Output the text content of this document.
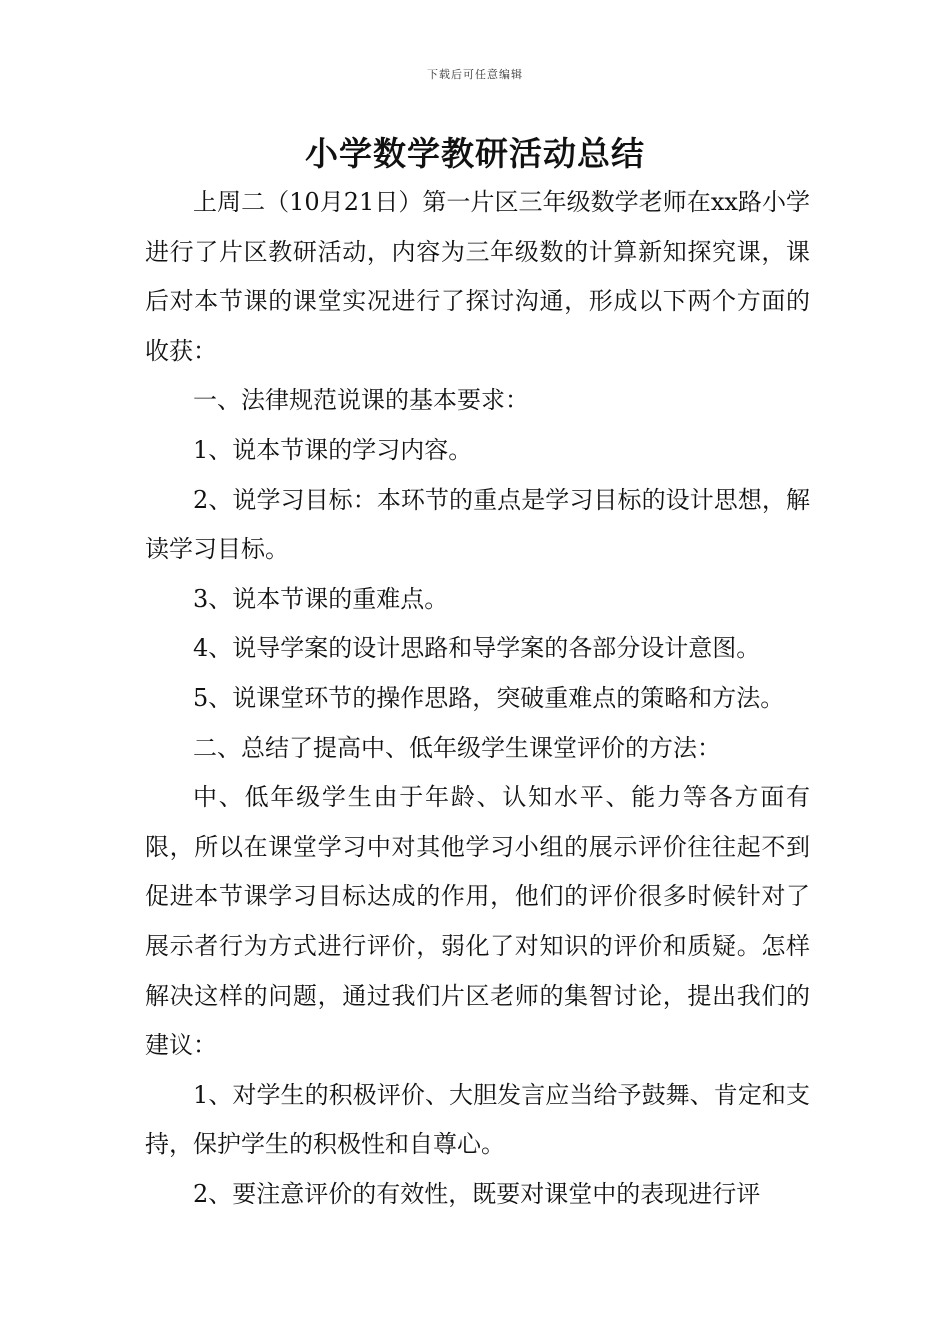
下载后可任意编辑
小学数学教研活动总结

上周二（10月21日）第一片区三年级数学老师在xx路小学进行了片区教研活动，内容为三年级数的计算新知探究课，课后对本节课的课堂实况进行了探讨沟通，形成以下两个方面的收获：

一、法律规范说课的基本要求：

1、说本节课的学习内容。

2、说学习目标：本环节的重点是学习目标的设计思想，解读学习目标。

3、说本节课的重难点。

4、说导学案的设计思路和导学案的各部分设计意图。

5、说课堂环节的操作思路，突破重难点的策略和方法。

二、总结了提高中、低年级学生课堂评价的方法：

中、低年级学生由于年龄、认知水平、能力等各方面有限，所以在课堂学习中对其他学习小组的展示评价往往起不到促进本节课学习目标达成的作用，他们的评价很多时候针对了展示者行为方式进行评价，弱化了对知识的评价和质疑。怎样解决这样的问题，通过我们片区老师的集智讨论，提出我们的建议：

1、对学生的积极评价、大胆发言应当给予鼓舞、肯定和支持，保护学生的积极性和自尊心。

2、要注意评价的有效性，既要对课堂中的表现进行评
